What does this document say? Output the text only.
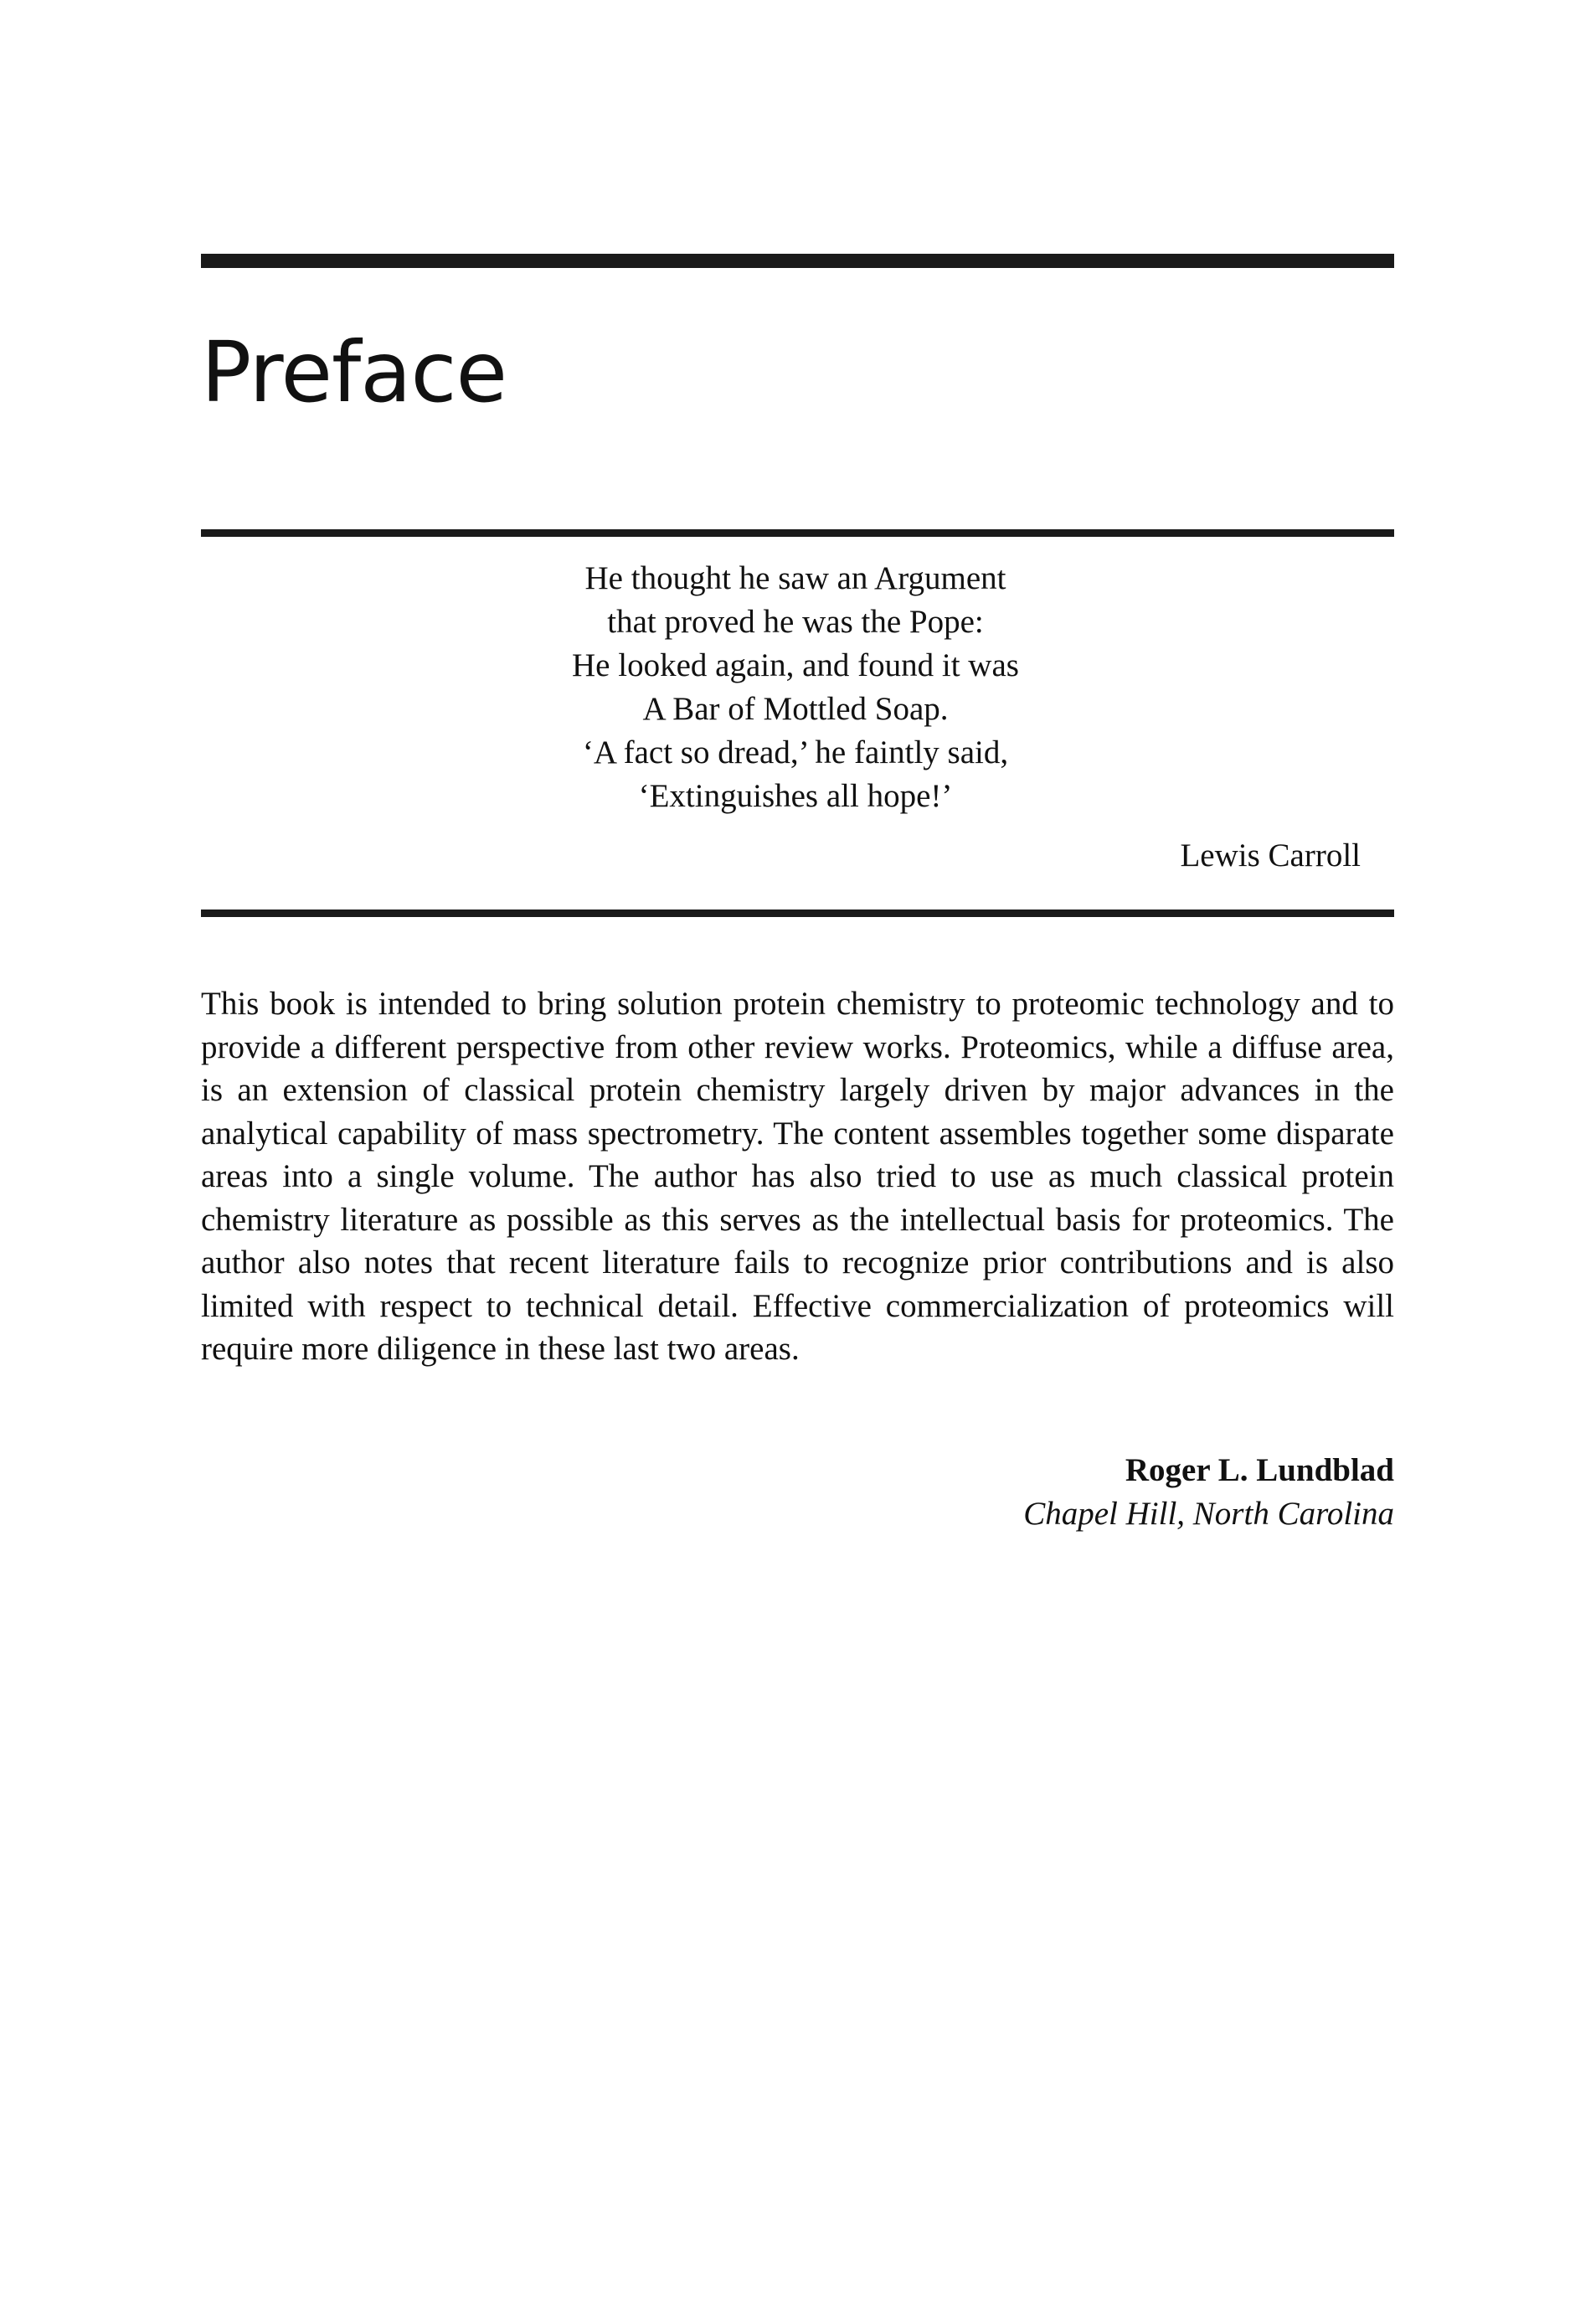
Preface
He thought he saw an Argument
that proved he was the Pope:
He looked again, and found it was
A Bar of Mottled Soap.
‘A fact so dread,’ he faintly said,
‘Extinguishes all hope!’
Lewis Carroll

This book is intended to bring solution protein chemistry to proteomic technology and to provide a different perspective from other review works. Proteomics, while a diffuse area, is an extension of classical protein chemistry largely driven by major advances in the analytical capability of mass spectrometry. The content assembles together some disparate areas into a single volume. The author has also tried to use as much classical protein chemistry literature as possible as this serves as the intellectual basis for proteomics. The author also notes that recent literature fails to recognize prior contributions and is also limited with respect to technical detail. Effective commercialization of proteomics will require more diligence in these last two areas.

Roger L. Lundblad
Chapel Hill, North Carolina
